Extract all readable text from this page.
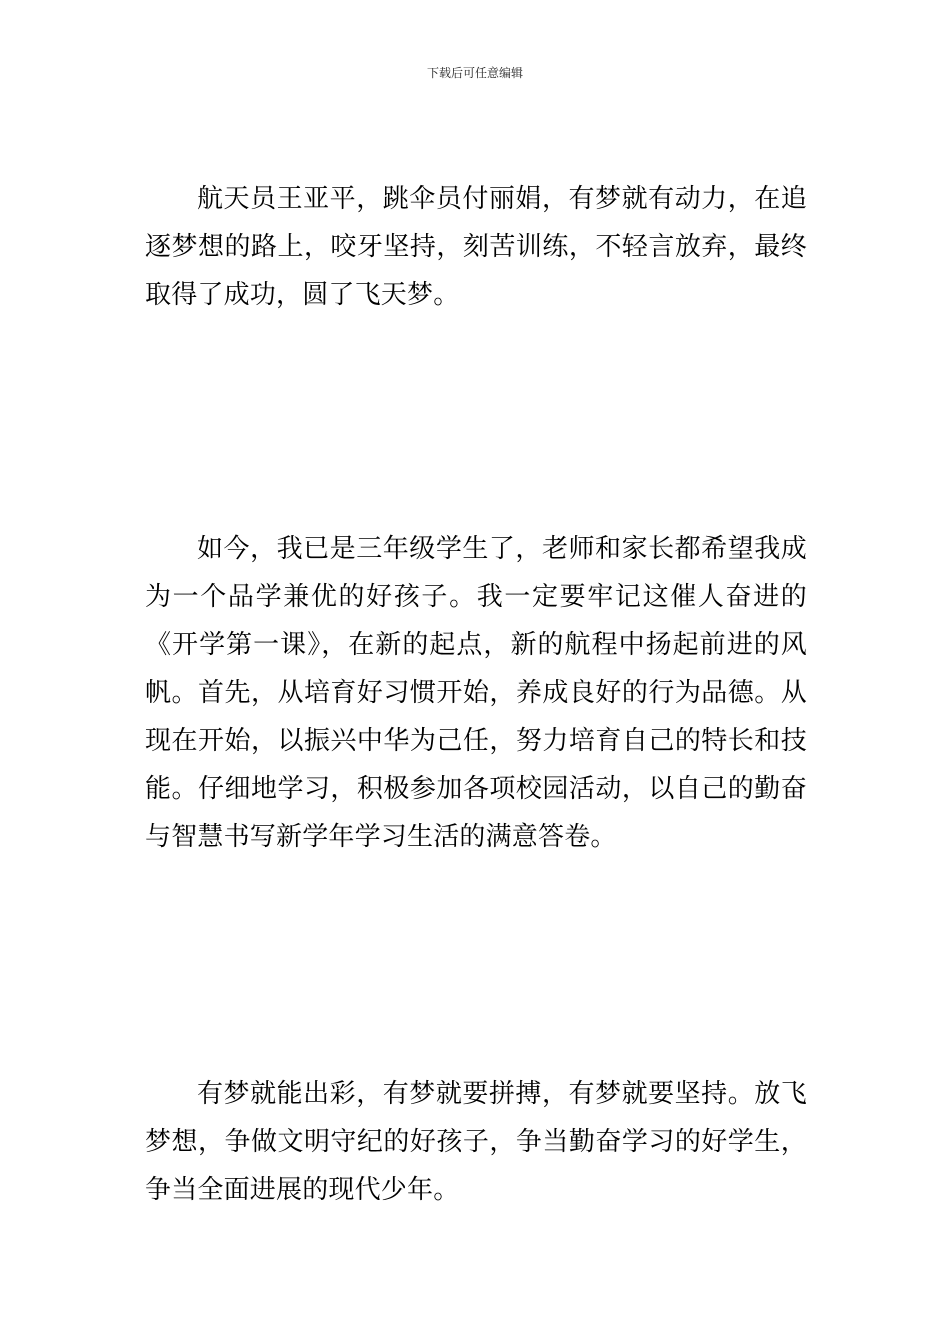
下载后可任意编辑

航天员王亚平，跳伞员付丽娟，有梦就有动力，在追逐梦想的路上，咬牙坚持，刻苦训练，不轻言放弃，最终取得了成功，圆了飞天梦。

如今，我已是三年级学生了，老师和家长都希望我成为一个品学兼优的好孩子。我一定要牢记这催人奋进的《开学第一课》，在新的起点，新的航程中扬起前进的风帆。首先，从培育好习惯开始，养成良好的行为品德。从现在开始，以振兴中华为己任，努力培育自己的特长和技能。仔细地学习，积极参加各项校园活动，以自己的勤奋与智慧书写新学年学习生活的满意答卷。

有梦就能出彩，有梦就要拼搏，有梦就要坚持。放飞梦想，争做文明守纪的好孩子，争当勤奋学习的好学生，争当全面进展的现代少年。
